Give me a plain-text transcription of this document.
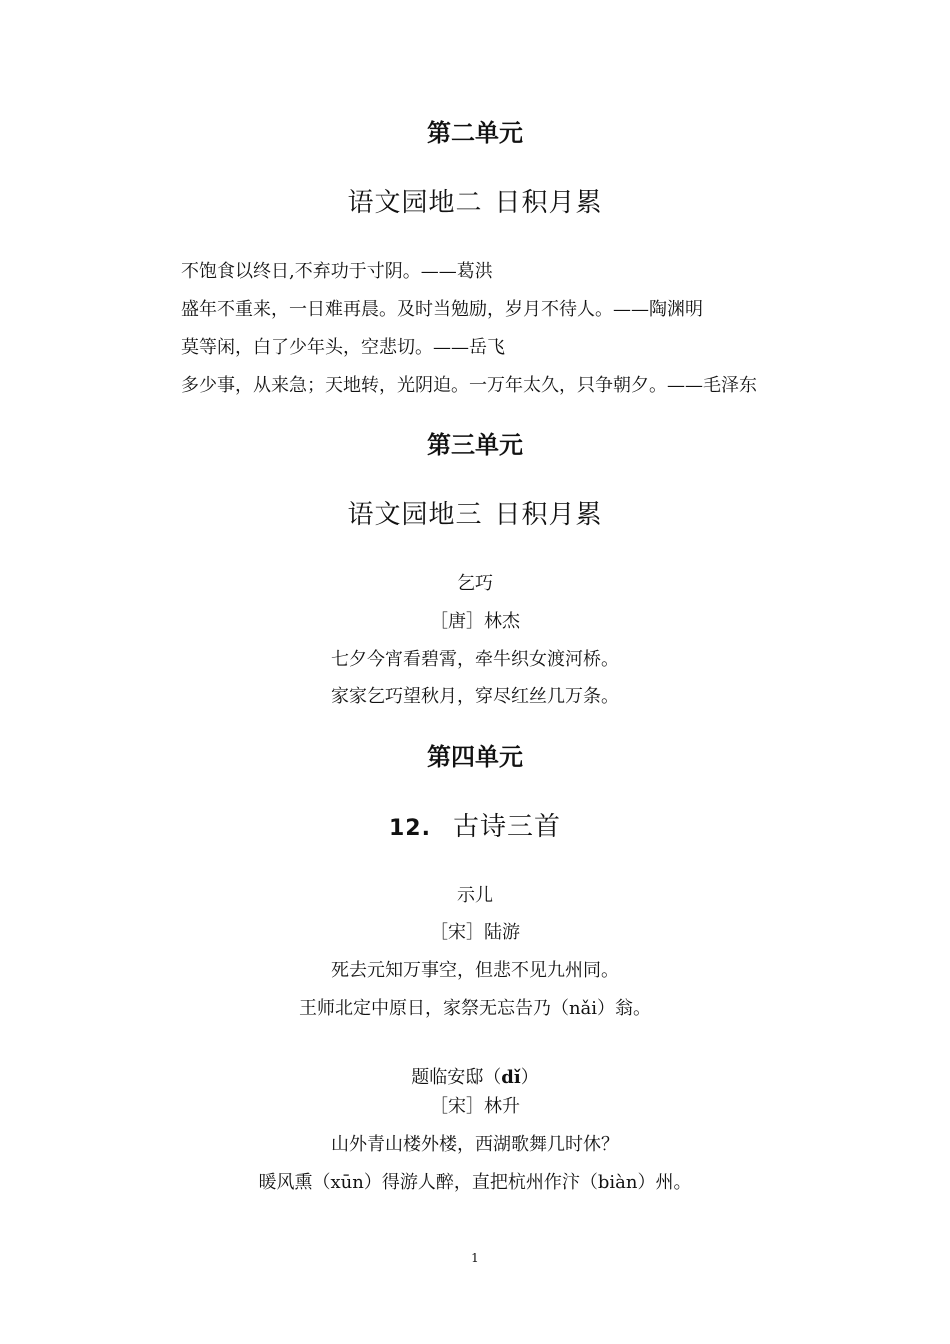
第二单元
语文园地二 日积月累
不饱食以终日,不弃功于寸阴。——葛洪
盛年不重来，一日难再晨。及时当勉励，岁月不待人。——陶渊明
莫等闲，白了少年头，空悲切。——岳飞
多少事，从来急；天地转，光阴迫。一万年太久，只争朝夕。——毛泽东
第三单元
语文园地三 日积月累
乞巧
［唐］林杰
七夕今宵看碧霄，牵牛织女渡河桥。
家家乞巧望秋月，穿尽红丝几万条。
第四单元
12. 古诗三首
示儿
［宋］陆游
死去元知万事空，但悲不见九州同。
王师北定中原日，家祭无忘告乃（nǎi）翁。
题临安邸（dǐ）
［宋］林升
山外青山楼外楼，西湖歌舞几时休？
暖风熏（xūn）得游人醉，直把杭州作汴（biàn）州。
1
